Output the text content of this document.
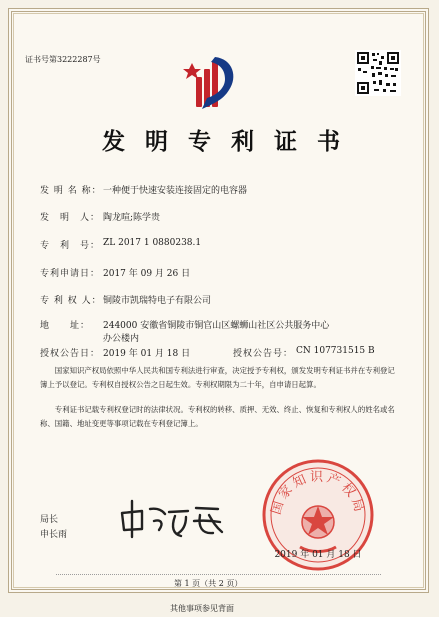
证书号第3222287号
发 明 专 利 证 书
发 明 名 称： 一种便于快速安装连接固定的电容器
发　明　人： 陶龙喧;陈学贵
专　利　号： ZL 2017 1 0880238.1
专利申请日： 2017 年 09 月 26 日
专 利 权 人： 铜陵市凯瑞特电子有限公司
地　　址： 244000 安徽省铜陵市铜官山区螺蛳山社区公共服务中心
办公楼内
授权公告日： 2019 年 01 月 18 日	授权公告号： CN 107731515 B
国家知识产权局依照中华人民共和国专利法进行审查，决定授予专利权，颁发发明专利证书并在专利登记簿上予以登记。专利权自授权公告之日起生效。专利权期限为二十年，自申请日起算。
专利证书记载专利权登记时的法律状况。专利权的转移、质押、无效、终止、恢复和专利权人的姓名或名称、国籍、地址变更等事项记载在专利登记簿上。
局长
申长雨
国家知识产权局
2019 年 01 月 18 日
第 1 页（共 2 页）
其他事项参见背面
